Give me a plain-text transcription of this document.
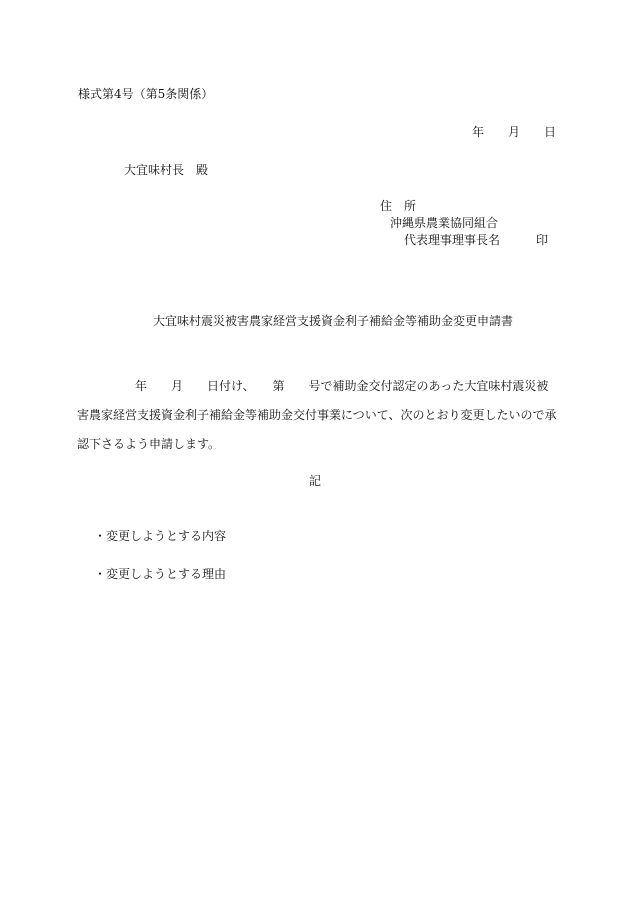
様式第4号（第5条関係）
年 月 日
大宜味村長　殿
住　所
沖縄県農業協同組合
代表理事理事長名　　　印
大宜味村震災被害農家経営支援資金利子補給金等補助金変更申請書
年　　月　　日付け、　　第　　号で補助金交付認定のあった大宜味村震災被
害農家経営支援資金利子補給金等補助金交付事業について、次のとおり変更したいので承
認下さるよう申請します。
記
・変更しようとする内容
・変更しようとする理由
